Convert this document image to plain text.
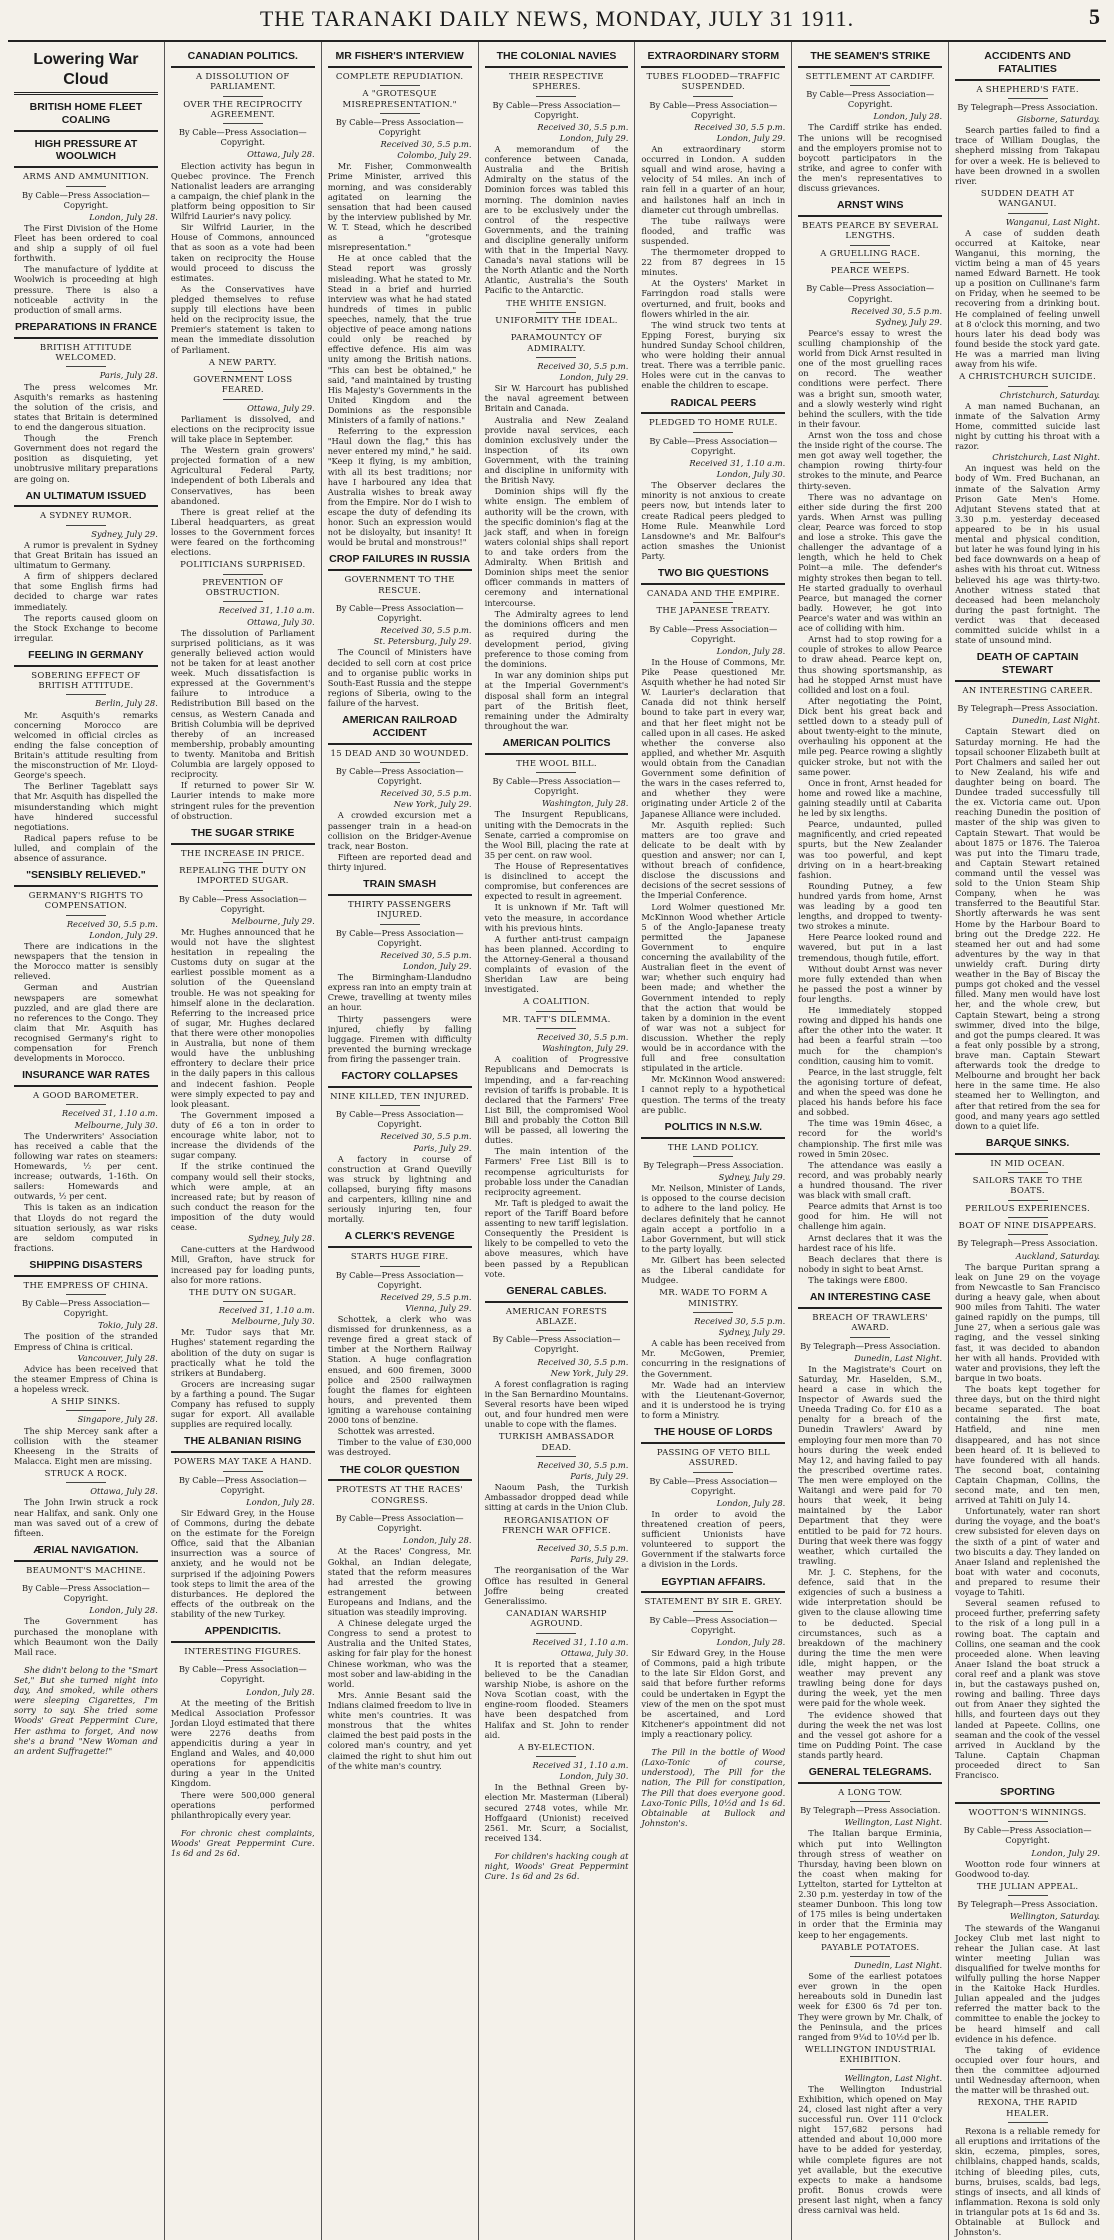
THE TARANAKI DAILY NEWS, MONDAY, JULY 31 1911.	5
Lowering War Cloud
BRITISH HOME FLEET COALING
HIGH PRESSURE AT WOOLWICH
ARMS AND AMMUNITION.
By Cable—Press Association—Copyright.
London, July 28.

The First Division of the Home Fleet has been ordered to coal and ship a supply of oil fuel forthwith.

The manufacture of lyddite at Woolwich is proceeding at high pressure. There is also a noticeable activity in the production of small arms.

PREPARATIONS IN FRANCE
BRITISH ATTITUDE WELCOMED.
Paris, July 28.

The press welcomes Mr. Asquith's remarks as hastening the solution of the crisis, and states that Britain is determined to end the dangerous situation.

Though the French Government does not regard the position as disquieting, yet unobtrusive military preparations are going on.

AN ULTIMATUM ISSUED
A SYDNEY RUMOR.
Sydney, July 29.

A rumor is prevalent in Sydney that Great Britain has issued an ultimatum to Germany.

A firm of shippers declared that some English firms had decided to charge war rates immediately.

The reports caused gloom on the Stock Exchange to become irregular.

FEELING IN GERMANY
SOBERING EFFECT OF BRITISH ATTITUDE.
Berlin, July 28.

Mr. Asquith's remarks concerning Morocco are welcomed in official circles as ending the false conception of Britain's attitude resulting from the misconstruction of Mr. Lloyd-George's speech.

The Berliner Tageblatt says that Mr. Asquith has dispelled the misunderstanding which might have hindered successful negotiations.

Radical papers refuse to be lulled, and complain of the absence of assurance.

"SENSIBLY RELIEVED."
GERMANY'S RIGHTS TO COMPENSATION.
Received 30, 5.5 p.m.
London, July 29.

There are indications in the newspapers that the tension in the Morocco matter is sensibly relieved.

German and Austrian newspapers are somewhat puzzled, and are glad there are no references to the Congo. They claim that Mr. Asquith has recognised Germany's right to compensation for French developments in Morocco.

INSURANCE WAR RATES
A GOOD BAROMETER.
Received 31, 1.10 a.m.
Melbourne, July 30.

The Underwriters' Association has received a cable that the following war rates on steamers: Homewards, ½ per cent. increase; outwards, 1-16th. On sailers: Homewards and outwards, ½ per cent.

This is taken as an indication that Lloyds do not regard the situation seriously, as war risks are seldom computed in fractions.

SHIPPING DISASTERS
THE EMPRESS OF CHINA.
By Cable—Press Association—Copyright.
Tokio, July 28.

The position of the stranded Empress of China is critical.

Vancouver, July 28.

Advice has been received that the steamer Empress of China is a hopeless wreck.

A SHIP SINKS.
Singapore, July 28.

The ship Mercey sank after a collision with the steamer Kheeseng in the Straits of Malacca. Eight men are missing.

STRUCK A ROCK.
Ottawa, July 28.

The John Irwin struck a rock near Halifax, and sank. Only one man was saved out of a crew of fifteen.

ÆRIAL NAVIGATION.
BEAUMONT'S MACHINE.
By Cable—Press Association—Copyright.
London, July 28.

The Government has purchased the monoplane with which Beaumont won the Daily Mail race.

She didn't belong to the "Smart Set," But she turned night into day, And smoked, while others were sleeping Cigarettes, I'm sorry to say. She tried some Woods' Great Peppermint Cure, Her asthma to forget, And now she's a brand "New Woman and an ardent Suffragette!"

CANADIAN POLITICS.
A DISSOLUTION OF PARLIAMENT.
OVER THE RECIPROCITY AGREEMENT.
By Cable—Press Association—Copyright.
Ottawa, July 28.

Election activity has begun in Quebec province. The French Nationalist leaders are arranging a campaign, the chief plank in the platform being opposition to Sir Wilfrid Laurier's navy policy.

Sir Wilfrid Laurier, in the House of Commons, announced that as soon as a vote had been taken on reciprocity the House would proceed to discuss the estimates.

As the Conservatives have pledged themselves to refuse supply till elections have been held on the reciprocity issue, the Premier's statement is taken to mean the immediate dissolution of Parliament.

A NEW PARTY.
GOVERNMENT LOSS FEARED.
Ottawa, July 29.

Parliament is dissolved, and elections on the reciprocity issue will take place in September.

The Western grain growers' projected formation of a new Agricultural Federal Party, independent of both Liberals and Conservatives, has been abandoned.

There is great relief at the Liberal headquarters, as great losses to the Government forces were feared on the forthcoming elections.

POLITICIANS SURPRISED.
PREVENTION OF OBSTRUCTION.
Received 31, 1.10 a.m.
Ottawa, July 30.

The dissolution of Parliament surprised politicians, as it was generally believed action would not be taken for at least another week. Much dissatisfaction is expressed at the Government's failure to introduce a Redistribution Bill based on the census, as Western Canada and British Columbia will be deprived thereby of an increased membership, probably amounting to twenty. Manitoba and British Columbia are largely opposed to reciprocity.

If returned to power Sir W. Laurier intends to make more stringent rules for the prevention of obstruction.

THE SUGAR STRIKE
THE INCREASE IN PRICE.
REPEALING THE DUTY ON IMPORTED SUGAR.
By Cable—Press Association—Copyright.
Melbourne, July 29.

Mr. Hughes announced that he would not have the slightest hesitation in repealing the Customs duty on sugar at the earliest possible moment as a solution of the Queensland trouble. He was not speaking for himself alone in the declaration. Referring to the increased price of sugar, Mr. Hughes declared that there were other monopolies in Australia, but none of them would have the unblushing effrontery to declare their price in the daily papers in this callous and indecent fashion. People were simply expected to pay and look pleasant.

The Government imposed a duty of £6 a ton in order to encourage white labor, not to increase the dividends of the sugar company.

If the strike continued the company would sell their stocks, which were ample, at an increased rate; but by reason of such conduct the reason for the imposition of the duty would cease.

Sydney, July 28.

Cane-cutters at the Hardwood Mill, Grafton, have struck for increased pay for loading punts, also for more rations.

THE DUTY ON SUGAR.
Received 31, 1.10 a.m.
Melbourne, July 30.

Mr. Tudor says that Mr. Hughes' statement regarding the abolition of the duty on sugar is practically what he told the strikers at Bundaberg.

Grocers are increasing sugar by a farthing a pound. The Sugar Company has refused to supply sugar for export. All available supplies are required locally.

THE ALBANIAN RISING
POWERS MAY TAKE A HAND.
By Cable—Press Association—Copyright.
London, July 28.

Sir Edward Grey, in the House of Commons, during the debate on the estimate for the Foreign Office, said that the Albanian insurrection was a source of anxiety, and he would not be surprised if the adjoining Powers took steps to limit the area of the disturbances. He deplored the effects of the outbreak on the stability of the new Turkey.

APPENDICITIS.
INTERESTING FIGURES.
By Cable—Press Association—Copyright.
London, July 28.

At the meeting of the British Medical Association Professor Jordan Lloyd estimated that there were 2276 deaths from appendicitis during a year in England and Wales, and 40,000 operations for appendicitis during a year in the United Kingdom.

There were 500,000 general operations performed philanthropically every year.

For chronic chest complaints, Woods' Great Peppermint Cure. 1s 6d and 2s 6d.

MR FISHER'S INTERVIEW
COMPLETE REPUDIATION.
A "GROTESQUE MISREPRESENTATION."
By Cable—Press Association—Copyright
Received 30, 5.5 p.m.
Colombo, July 29.

Mr. Fisher, Commonwealth Prime Minister, arrived this morning, and was considerably agitated on learning the sensation that had been caused by the interview published by Mr. W. T. Stead, which he described as a "grotesque misrepresentation."

He at once cabled that the Stead report was grossly misleading. What he stated to Mr. Stead in a brief and hurried interview was what he had stated hundreds of times in public speeches, namely, that the true objective of peace among nations could only be reached by effective defence. His aim was unity among the British nations. "This can best be obtained," he said, "and maintained by trusting His Majesty's Governments in the United Kingdom and the Dominions as the responsible Ministers of a family of nations."

Referring to the expression "Haul down the flag," this has never entered my mind," he said. "Keep it flying, is my ambition, with all its best traditions; nor have I harboured any idea that Australia wishes to break away from the Empire. Nor do I wish to escape the duty of defending its honor. Such an expression would not be disloyalty, but insanity! It would be brutal and monstrous!"

CROP FAILURES IN RUSSIA
GOVERNMENT TO THE RESCUE.
By Cable—Press Association—Copyright.
Received 30, 5.5 p.m.
St. Petersburg, July 29.

The Council of Ministers have decided to sell corn at cost price and to organise public works in South-East Russia and the steppe regions of Siberia, owing to the failure of the harvest.

AMERICAN RAILROAD ACCIDENT
15 DEAD AND 30 WOUNDED.
By Cable—Press Association—Copyright.
Received 30, 5.5 p.m.
New York, July 29.

A crowded excursion met a passenger train in a head-on collision on the Bridger-Avenue track, near Boston.

Fifteen are reported dead and thirty injured.

TRAIN SMASH
THIRTY PASSENGERS INJURED.
By Cable—Press Association—Copyright.
Received 30, 5.5 p.m.
London, July 29.

The Birmingham-Llandudno express ran into an empty train at Crewe, travelling at twenty miles an hour.

Thirty passengers were injured, chiefly by falling luggage. Firemen with difficulty prevented the burning wreckage from firing the passenger train.

FACTORY COLLAPSES
NINE KILLED, TEN INJURED.
By Cable—Press Association—Copyright.
Received 30, 5.5 p.m.
Paris, July 29.

A factory in course of construction at Grand Quevilly was struck by lightning and collapsed, burying fifty masons and carpenters, killing nine and seriously injuring ten, four mortally.

A CLERK'S REVENGE
STARTS HUGE FIRE.
By Cable—Press Association—Copyright.
Received 29, 5.5 p.m.
Vienna, July 29.

Schottek, a clerk who was dismissed for drunkenness, as a revenge fired a great stack of timber at the Northern Railway Station. A huge conflagration ensued, and 600 firemen, 3000 police and 2500 railwaymen fought the flames for eighteen hours, and prevented them igniting a warehouse containing 2000 tons of benzine.

Schottek was arrested.

Timber to the value of £30,000 was destroyed.

THE COLOR QUESTION
PROTESTS AT THE RACES' CONGRESS.
By Cable—Press Association—Copyright.
London, July 28.

At the Races' Congress, Mr. Gokhal, an Indian delegate, stated that the reform measures had arrested the growing estrangement between Europeans and Indians, and the situation was steadily improving.

A Chinese delegate urged the Congress to send a protest to Australia and the United States, asking for fair play for the honest Chinese workman, who was the most sober and law-abiding in the world.

Mrs. Annie Besant said the Indians claimed freedom to live in white men's countries. It was monstrous that the whites claimed the best paid posts in the colored man's country, and yet claimed the right to shut him out of the white man's country.

THE COLONIAL NAVIES
THEIR RESPECTIVE SPHERES.
By Cable—Press Association—Copyright.
Received 30, 5.5 p.m.
London, July 29.

A memorandum of the conference between Canada, Australia and the British Admiralty on the status of the Dominion forces was tabled this morning. The dominion navies are to be exclusively under the control of the respective Governments, and the training and discipline generally uniform with that in the Imperial Navy. Canada's naval stations will be the North Atlantic and the North Atlantic, Australia's the South Pacific to the Antarctic.

THE WHITE ENSIGN.
UNIFORMITY THE IDEAL.
PARAMOUNTCY OF ADMIRALTY.
Received 30, 5.5 p.m.
London, July 29.

Sir W. Harcourt has published the naval agreement between Britain and Canada.

Australia and New Zealand provide naval services, each dominion exclusively under the inspection of its own Government, with the training and discipline in uniformity with the British Navy.

Dominion ships will fly the white ensign. The emblem of authority will be the crown, with the specific dominion's flag at the jack staff, and when in foreign waters colonial ships shall report to and take orders from the Admiralty. When British and Dominion ships meet the senior officer commands in matters of ceremony and international intercourse.

The Admiralty agrees to lend the dominions officers and men as required during the development period, giving preference to those coming from the dominions.

In war any dominion ships put at the Imperial Government's disposal shall form an integral part of the British fleet, remaining under the Admiralty throughout the war.

AMERICAN POLITICS
THE WOOL BILL.
By Cable—Press Association—Copyright.
Washington, July 28.

The Insurgent Republicans, uniting with the Democrats in the Senate, carried a compromise on the Wool Bill, placing the rate at 35 per cent. on raw wool.

The House of Representatives is disinclined to accept the compromise, but conferences are expected to result in agreement.

It is unknown if Mr. Taft will veto the measure, in accordance with his previous hints.

A further anti-trust campaign has been planned. According to the Attorney-General a thousand complaints of evasion of the Sheridan Law are being investigated.

A COALITION.
MR. TAFT'S DILEMMA.
Received 30, 5.5 p.m.
Washington, July 29.

A coalition of Progressive Republicans and Democrats is impending, and a far-reaching revision of tariffs is probable. It is declared that the Farmers' Free List Bill, the compromised Wool Bill and probably the Cotton Bill will be passed, all lowering the duties.

The main intention of the Farmers' Free List Bill is to recompense agriculturists for probable loss under the Canadian reciprocity agreement.

Mr. Taft is pledged to await the report of the Tariff Board before assenting to new tariff legislation. Consequently the President is likely to be compelled to veto the above measures, which have been passed by a Republican vote.

GENERAL CABLES.
AMERICAN FORESTS ABLAZE.
By Cable—Press Association—Copyright.
Received 30, 5.5 p.m.
New York, July 29.

A forest conflagration is raging in the San Bernardino Mountains. Several resorts have been wiped out, and four hundred men were unable to cope with the flames.

TURKISH AMBASSADOR DEAD.
Received 30, 5.5 p.m.
Paris, July 29.

Naoum Pash, the Turkish Ambassador dropped dead while sitting at cards in the Union Club.

REORGANISATION OF FRENCH WAR OFFICE.
Received 30, 5.5 p.m.
Paris, July 29.

The reorganisation of the War Office has resulted in General Joffre being created Generalissimo.

CANADIAN WARSHIP AGROUND.
Received 31, 1.10 a.m.
Ottawa, July 30.

It is reported that a steamer, believed to be the Canadian warship Niobe, is ashore on the Nova Scotian coast, with the engine-room flooded. Steamers have been despatched from Halifax and St. John to render aid.

A BY-ELECTION.
Received 31, 1.10 a.m.
London, July 30.

In the Bethnal Green by-election Mr. Masterman (Liberal) secured 2748 votes, while Mr. Hoffgaard (Unionist) received 2561. Mr. Scurr, a Socialist, received 134.

For children's hacking cough at night, Woods' Great Peppermint Cure. 1s 6d and 2s 6d.

EXTRAORDINARY STORM
TUBES FLOODED—TRAFFIC SUSPENDED.
By Cable—Press Association—Copyright.
Received 30, 5.5 p.m.
London, July 29.

An extraordinary storm occurred in London. A sudden squall and wind arose, having a velocity of 54 miles. An inch of rain fell in a quarter of an hour, and hailstones half an inch in diameter cut through umbrellas.

The tube railways were flooded, and traffic was suspended.

The thermometer dropped to 22 from 87 degrees in 15 minutes.

At the Oysters' Market in Farringdon road stalls were overturned, and fruit, books and flowers whirled in the air.

The wind struck two tents at Epping Forest, burying six hundred Sunday School children, who were holding their annual treat. There was a terrible panic. Holes were cut in the canvas to enable the children to escape.

RADICAL PEERS
PLEDGED TO HOME RULE.
By Cable—Press Association—Copyright.
Received 31, 1.10 a.m.
London, July 30.

The Observer declares the minority is not anxious to create peers now, but intends later to create Radical peers pledged to Home Rule. Meanwhile Lord Lansdowne's and Mr. Balfour's action smashes the Unionist Party.

TWO BIG QUESTIONS
CANADA AND THE EMPIRE.
THE JAPANESE TREATY.
By Cable—Press Association—Copyright.
London, July 28.

In the House of Commons, Mr. Pike Pease questioned Mr. Asquith whether he had noted Sir W. Laurier's declaration that Canada did not think herself bound to take part in every war, and that her fleet might not be called upon in all cases. He asked whether the converse also applied, and whether Mr. Asquith would obtain from the Canadian Government some definition of the wars in the cases referred to, and whether they were originating under Article 2 of the Japanese Alliance were included.

Mr. Asquith replied: Such matters are too grave and delicate to be dealt with by question and answer; nor can I, without breach of confidence, disclose the discussions and decisions of the secret sessions of the Imperial Conference.

Lord Wolmer questioned Mr. McKinnon Wood whether Article 5 of the Anglo-Japanese treaty permitted the Japanese Government to enquire concerning the availability of the Australian fleet in the event of war; whether such enquiry had been made; and whether the Government intended to reply that the action that would be taken by a dominion in the event of war was not a subject for discussion. Whether the reply would be in accordance with the full and free consultation stipulated in the article.

Mr. McKinnon Wood answered: I cannot reply to a hypothetical question. The terms of the treaty are public.

POLITICS IN N.S.W.
THE LAND POLICY.
By Telegraph—Press Association.
Sydney, July 29.

Mr. Neilson, Minister of Lands, is opposed to the course decision to adhere to the land policy. He declares definitely that he cannot again accept a portfolio in a Labor Government, but will stick to the party loyally.

Mr. Gilbert has been selected as the Liberal candidate for Mudgee.

MR. WADE TO FORM A MINISTRY.
Received 30, 5.5 p.m.
Sydney, July 29.

A cable has been received from Mr. McGowen, Premier, concurring in the resignations of the Government.

Mr. Wade had an interview with the Lieutenant-Governor, and it is understood he is trying to form a Ministry.

THE HOUSE OF LORDS
PASSING OF VETO BILL ASSURED.
By Cable—Press Association—Copyright.
London, July 28.

In order to avoid the threatened creation of peers, sufficient Unionists have volunteered to support the Government if the stalwarts force a division in the Lords.

EGYPTIAN AFFAIRS.
STATEMENT BY SIR E. GREY.
By Cable—Press Association—Copyright.
London, July 28.

Sir Edward Grey, in the House of Commons, paid a high tribute to the late Sir Eldon Gorst, and said that before further reforms could be undertaken in Egypt the view of the men on the spot must be ascertained, and Lord Kitchener's appointment did not imply a reactionary policy.

The Pill in the bottle of Wood (Laxo-Tonic of course, understood), The Pill for the nation, The Pill for constipation, The Pill that does everyone good. Laxo-Tonic Pills, 10½d and 1s 6d. Obtainable at Bullock and Johnston's.

THE SEAMEN'S STRIKE
SETTLEMENT AT CARDIFF.
By Cable—Press Association—Copyright.
London, July 28.

The Cardiff strike has ended. The unions will be recognised and the employers promise not to boycott participators in the strike, and agree to confer with the men's representatives to discuss grievances.

ARNST WINS
BEATS PEARCE BY SEVERAL LENGTHS.
A GRUELLING RACE.
PEARCE WEEPS.
By Cable—Press Association—Copyright.
Received 30, 5.5 p.m.
Sydney, July 29.

Pearce's essay to wrest the sculling championship of the world from Dick Arnst resulted in one of the most gruelling races on record. The weather conditions were perfect. There was a bright sun, smooth water, and a slowly westerly wind right behind the scullers, with the tide in their favour.

Arnst won the toss and chose the inside right of the course. The men got away well together, the champion rowing thirty-four strokes to the minute, and Pearce thirty-seven.

There was no advantage on either side during the first 200 yards. When Arnst was pulling clear, Pearce was forced to stop and lose a stroke. This gave the challenger the advantage of a length, which he held to Chek Point—a mile. The defender's mighty strokes then began to tell. He started gradually to overhaul Pearce, but managed the corner badly. However, he got into Pearce's water and was within an ace of colliding with him.

Arnst had to stop rowing for a couple of strokes to allow Pearce to draw ahead. Pearce kept on, thus showing sportsmanship, as had he stopped Arnst must have collided and lost on a foul.

After negotiating the Point, Dick bent his great back and settled down to a steady pull of about twenty-eight to the minute, overhauling his opponent at the mile peg. Pearce rowing a slightly quicker stroke, but not with the same power.

Once in front, Arnst headed for home and rowed like a machine, gaining steadily until at Cabarita he led by six lengths.

Pearce, undaunted, pulled magnificently, and cried repeated spurts, but the New Zealander was too powerful, and kept driving on in a heart-breaking fashion.

Rounding Putney, a few hundred yards from home, Arnst was leading by a good ten lengths, and dropped to twenty-two strokes a minute.

Here Pearce looked round and wavered, but put in a last tremendous, though futile, effort.

Without doubt Arnst was never more fully extended than when he passed the post a winner by four lengths.

He immediately stopped rowing and dipped his hands one after the other into the water. It had been a fearful strain —too much for the champion's condition, causing him to vomit.

Pearce, in the last struggle, felt the agonising torture of defeat, and when the speed was done he placed his hands before his face and sobbed.

The time was 19min 46sec, a record for the world's championship. The first mile was rowed in 5min 20sec.

The attendance was easily a record, and was probably nearly a hundred thousand. The river was black with small craft.

Pearce admits that Arnst is too good for him. He will not challenge him again.

Arnst declares that it was the hardest race of his life.

Beach declares that there is nobody in sight to beat Arnst.

The takings were £800.

AN INTERESTING CASE
BREACH OF TRAWLERS' AWARD.
By Telegraph—Press Association.
Dunedin, Last Night.

In the Magistrate's Court on Saturday, Mr. Haselden, S.M., heard a case in which the Inspector of Awards sued the Uneeda Trading Co. for £10 as a penalty for a breach of the Dunedin Trawlers' Award by employing four men more than 70 hours during the week ended May 12, and having failed to pay the prescribed overtime rates. The men were employed on the Waitangi and were paid for 70 hours that week, it being maintained by the Labor Department that they were entitled to be paid for 72 hours. During that week there was foggy weather, which curtailed the trawling.

Mr. J. C. Stephens, for the defence, said that in the exigencies of such a business a wide interpretation should be given to the clause allowing time to be deducted. Special circumstances, such as a breakdown of the machinery during the time the men were idle, might happen, or the weather may prevent any trawling being done for days during the week, yet the men were paid for the whole week.

The evidence showed that during the week the net was lost and the vessel got ashore for a time on Pudding Point. The case stands partly heard.

GENERAL TELEGRAMS.
A LONG TOW.
By Telegraph—Press Association.
Wellington, Last Night.

The Italian barque Erminia, which put into Wellington through stress of weather on Thursday, having been blown on the coast when making for Lyttelton, started for Lyttelton at 2.30 p.m. yesterday in tow of the steamer Dunboon. This long tow of 175 miles is being undertaken in order that the Erminia may keep to her engagements.

PAYABLE POTATOES.
Dunedin, Last Night.

Some of the earliest potatoes ever grown in the open hereabouts sold in Dunedin last week for £300 6s 7d per ton. They were grown by Mr. Chalk, of the Peninsula, and the prices ranged from 9¼d to 10½d per lb.

WELLINGTON INDUSTRIAL EXHIBITION.
Wellington, Last Night.

The Wellington Industrial Exhibition, which opened on May 24, closed last night after a very successful run. Over 111 0'clock night 157,682 persons had attended and about 10,000 more have to be added for yesterday, while complete figures are not yet available, but the executive expects to make a handsome profit. Bonus crowds were present last night, when a fancy dress carnival was held.

ACCIDENTS AND FATALITIES
A SHEPHERD'S FATE.
By Telegraph—Press Association.
Gisborne, Saturday.

Search parties failed to find a trace of William Douglas, the shepherd missing from Takapau for over a week. He is believed to have been drowned in a swollen river.

SUDDEN DEATH AT WANGANUI.
Wanganui, Last Night.

A case of sudden death occurred at Kaitoke, near Wanganui, this morning, the victim being a man of 45 years named Edward Barnett. He took up a position on Cullinane's farm on Friday, when he seemed to be recovering from a drinking bout. He complained of feeling unwell at 8 o'clock this morning, and two hours later his dead body was found beside the stock yard gate. He was a married man living away from his wife.

A CHRISTCHURCH SUICIDE.
Christchurch, Saturday.

A man named Buchanan, an inmate of the Salvation Army Home, committed suicide last night by cutting his throat with a razor.

Christchurch, Last Night.

An inquest was held on the body of Wm. Fred Buchanan, an inmate of the Salvation Army Prison Gate Men's Home. Adjutant Stevens stated that at 3.30 p.m. yesterday deceased appeared to be in his usual mental and physical condition, but later he was found lying in his bed face downwards on a heap of ashes with his throat cut. Witness believed his age was thirty-two. Another witness stated that deceased had been melancholy during the past fortnight. The verdict was that deceased committed suicide whilst in a state of unsound mind.

DEATH OF CAPTAIN STEWART
AN INTERESTING CAREER.
By Telegraph—Press Association.
Dunedin, Last Night.

Captain Stewart died on Saturday morning. He had the topsail schooner Elizabeth built at Port Chalmers and sailed her out to New Zealand, his wife and daughter being on board. The Dundee traded successfully till the ex. Victoria came out. Upon reaching Dunedin the position of master of the ship was given to Captain Stewart. That would be about 1875 or 1876. The Taieroa was put into the Timaru trade, and Captain Stewart retained command until the vessel was sold to the Union Steam Ship Company, when he was transferred to the Beautiful Star. Shortly afterwards he was sent Home by the Harbour Board to bring out the Dredge 222. He steamed her out and had some adventures by the way in that unwieldy craft. During dirty weather in the Bay of Biscay the pumps got choked and the vessel filled. Many men would have lost her, and the whole crew, but Captain Stewart, being a strong swimmer, dived into the bilge, and got the pumps cleared. It was a feat only possible by a strong, brave man. Captain Stewart afterwards took the dredge to Melbourne and brought her back here in the same time. He also steamed her to Wellington, and after that retired from the sea for good, and many years ago settled down to a quiet life.

BARQUE SINKS.
IN MID OCEAN.
SAILORS TAKE TO THE BOATS.
PERILOUS EXPERIENCES.
BOAT OF NINE DISAPPEARS.
By Telegraph—Press Association.
Auckland, Saturday.

The barque Puritan sprang a leak on June 29 on the voyage from Newcastle to San Francisco during a heavy gale, when about 900 miles from Tahiti. The water gained rapidly on the pumps, till June 27, when a serious gale was raging, and the vessel sinking fast, it was decided to abandon her with all hands. Provided with water and provisions, they left the barque in two boats.

The boats kept together for three days, but on the third night became separated. The boat containing the first mate, Hatfield, and nine men disappeared, and has not since been heard of. It is believed to have foundered with all hands. The second boat, containing Captain Chapman, Collins, the second mate, and ten men, arrived at Tahiti on July 14.

Unfortunately, water ran short during the voyage, and the boat's crew subsisted for eleven days on the sixth of a pint of water and two biscuits a day. They landed on Anaer Island and replenished the boat with water and coconuts, and prepared to resume their voyage to Tahiti.

Several seamen refused to proceed further, preferring safety to the risk of a long pull in a rowing boat. The captain and Collins, one seaman and the cook proceeded alone. When leaving Anaer Island the boat struck a coral reef and a plank was stove in, but the castaways pushed on, rowing and bailing. Three days out from Anaer they sighted the hills, and fourteen days out they landed at Papeete. Collins, one seaman and the cook of the vessel arrived in Auckland by the Talune. Captain Chapman proceeded direct to San Francisco.

SPORTING
WOOTTON'S WINNINGS.
By Cable—Press Association—Copyright.
London, July 29.

Wootton rode four winners at Goodwood to-day.

THE JULIAN APPEAL.
By Telegraph—Press Association.
Wellington, Saturday.

The stewards of the Wanganui Jockey Club met last night to rehear the Julian case. At last winter meeting Julian was disqualified for twelve months for wilfully pulling the horse Napper in the Kaitoke Hack Hurdles. Julian appealed and the judges referred the matter back to the committee to enable the jockey to be heard himself and call evidence in his defence.

The taking of evidence occupied over four hours, and then the committee adjourned until Wednesday afternoon, when the matter will be thrashed out.

REXONA, THE RAPID HEALER.

Rexona is a reliable remedy for all eruptions and irritations of the skin, eczema, pimples, sores, chilblains, chapped hands, scalds, itching of bleeding piles, cuts, burns, bruises, scalds, bad legs, stings of insects, and all kinds of inflammation. Rexona is sold only in triangular pots at 1s 6d and 3s. Obtainable at Bullock and Johnston's.
